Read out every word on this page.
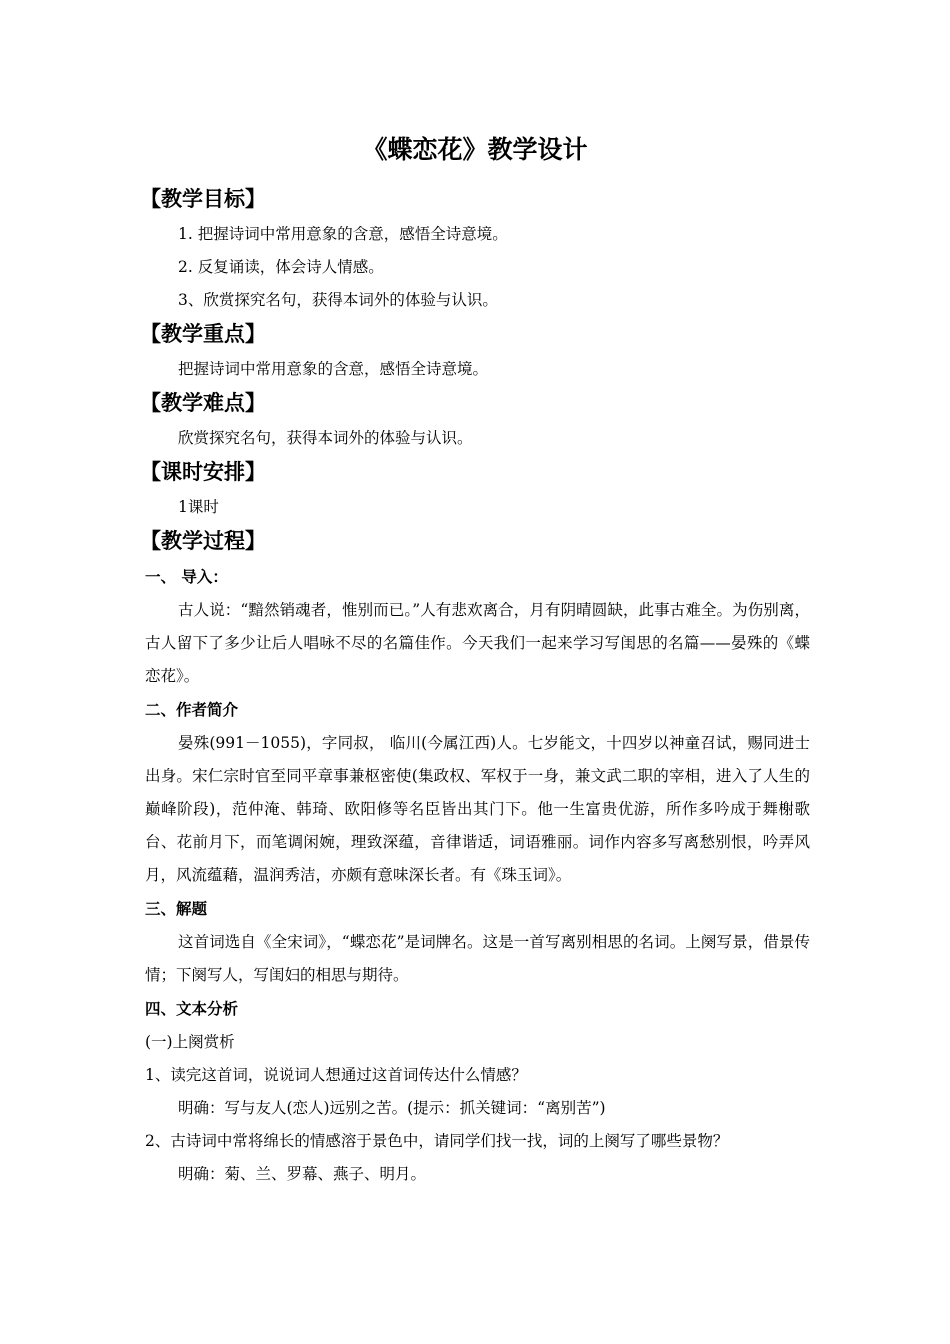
《蝶恋花》教学设计
【教学目标】

1. 把握诗词中常用意象的含意，感悟全诗意境。

2. 反复诵读，体会诗人情感。

3、欣赏探究名句，获得本词外的体验与认识。

【教学重点】

把握诗词中常用意象的含意，感悟全诗意境。

【教学难点】

欣赏探究名句，获得本词外的体验与认识。

【课时安排】

1课时

【教学过程】
一、 导入：

古人说：“黯然销魂者，惟别而已。”人有悲欢离合，月有阴晴圆缺，此事古难全。为伤别离，古人留下了多少让后人唱咏不尽的名篇佳作。今天我们一起来学习写闺思的名篇——晏殊的《蝶恋花》。

二、作者简介

晏殊(991－1055)，字同叔， 临川(今属江西)人。七岁能文，十四岁以神童召试，赐同进士出身。宋仁宗时官至同平章事兼枢密使(集政权、军权于一身，兼文武二职的宰相，进入了人生的巅峰阶段)，范仲淹、韩琦、欧阳修等名臣皆出其门下。他一生富贵优游，所作多吟成于舞榭歌台、花前月下，而笔调闲婉，理致深蕴，音律谐适，词语雅丽。词作内容多写离愁别恨，吟弄风月，风流蕴藉，温润秀洁，亦颇有意味深长者。有《珠玉词》。

三、解题

这首词选自《全宋词》，“蝶恋花”是词牌名。这是一首写离别相思的名词。上阕写景，借景传情；下阕写人，写闺妇的相思与期待。

四、文本分析

(一)上阕赏析

1、读完这首词，说说词人想通过这首词传达什么情感？

明确：写与友人(恋人)远别之苦。(提示：抓关键词：“离别苦”)

2、古诗词中常将绵长的情感溶于景色中，请同学们找一找，词的上阕写了哪些景物？

明确：菊、兰、罗幕、燕子、明月。
